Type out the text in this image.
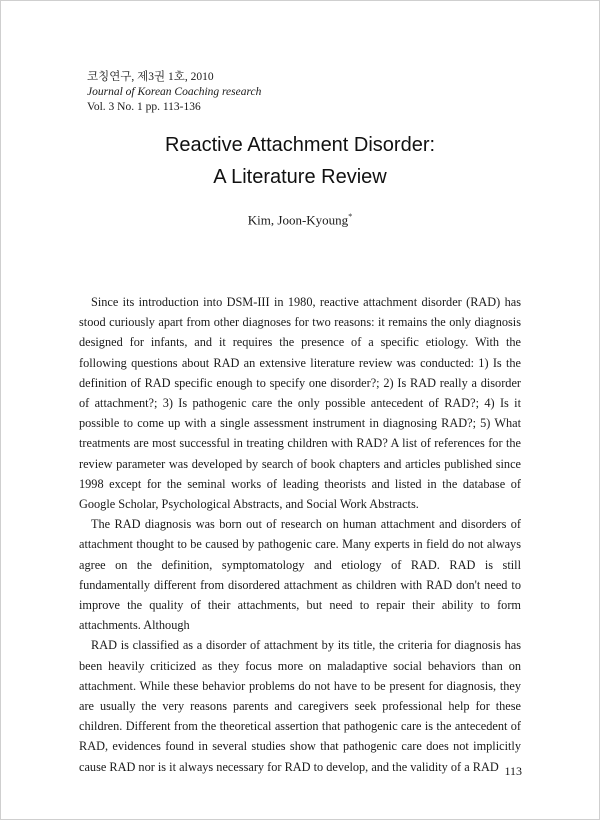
코칭연구, 제3권 1호, 2010
Journal of Korean Coaching research
Vol. 3 No. 1 pp. 113-136
Reactive Attachment Disorder:
A Literature Review
Kim, Joon-Kyoung*

Since its introduction into DSM-III in 1980, reactive attachment disorder (RAD) has stood curiously apart from other diagnoses for two reasons: it remains the only diagnosis designed for infants, and it requires the presence of a specific etiology. With the following questions about RAD an extensive literature review was conducted: 1) Is the definition of RAD specific enough to specify one disorder?; 2) Is RAD really a disorder of attachment?; 3) Is pathogenic care the only possible antecedent of RAD?; 4) Is it possible to come up with a single assessment instrument in diagnosing RAD?; 5) What treatments are most successful in treating children with RAD? A list of references for the review parameter was developed by search of book chapters and articles published since 1998 except for the seminal works of leading theorists and listed in the database of Google Scholar, Psychological Abstracts, and Social Work Abstracts.

The RAD diagnosis was born out of research on human attachment and disorders of attachment thought to be caused by pathogenic care. Many experts in field do not always agree on the definition, symptomatology and etiology of RAD. RAD is still fundamentally different from disordered attachment as children with RAD don't need to improve the quality of their attachments, but need to repair their ability to form attachments. Although

RAD is classified as a disorder of attachment by its title, the criteria for diagnosis has been heavily criticized as they focus more on maladaptive social behaviors than on attachment. While these behavior problems do not have to be present for diagnosis, they are usually the very reasons parents and caregivers seek professional help for these children. Different from the theoretical assertion that pathogenic care is the antecedent of RAD, evidences found in several studies show that pathogenic care does not implicitly cause RAD nor is it always necessary for RAD to develop, and the validity of a RAD 113
